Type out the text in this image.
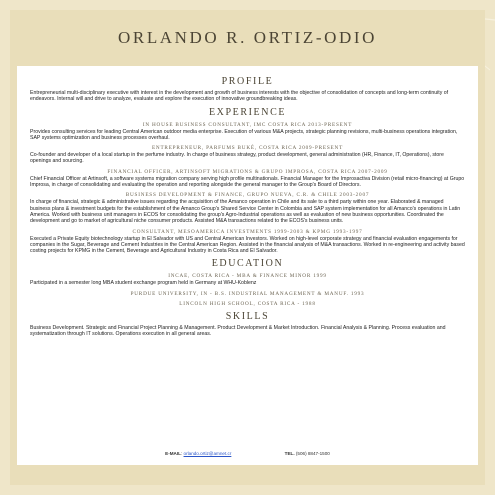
ORLANDO R. ORTIZ-ODIO
PROFILE

Entrepreneurial multi-disciplinary executive with interest in the development and growth of business interests with the objective of consolidation of concepts and long-term continuity of endeavors. Internal will and drive to analyze, evaluate and explore the execution of innovative groundbreaking ideas.

EXPERIENCE
IN HOUSE BUSINESS CONSULTANT, IMC COSTA RICA 2013-PRESENT

Provides consulting services for leading Central American outdoor media enterprise. Execution of various M&A projects, strategic planning revisions, multi-business operations integration, SAP systems optimization and business processes overhaul.

ENTREPRENEUR, PARFUMS BUKÉ, COSTA RICA 2009-PRESENT

Co-founder and developer of a local startup in the perfume industry. In charge of business strategy, product development, general administration (HR, Finance, IT, Operations), store openings and sourcing.

FINANCIAL OFFICER, ARTINSOFT MIGRATIONS & GRUPO IMPROSA, COSTA RICA 2007-2009

Chief Financial Officer at Artinsoft, a software systems migration company serving high profile multinationals. Financial Manager for the Improsactiva Division (retail micro-financing) at Grupo Improsa, in charge of consolidating and evaluating the operation and reporting alongside the general manager to the Group's Board of Directors.

BUSINESS DEVELOPMENT & FINANCE, GRUPO NUEVA, C.R. & CHILE 2003-2007

In charge of financial, strategic & administrative issues regarding the acquisition of the Amanco operation in Chile and its sale to a third party within one year. Elaborated & managed business plans & investment budgets for the establishment of the Amanco Group's Shared Service Center in Colombia and SAP system implementation for all Amanco's operations in Latin America. Worked with business unit managers in ECOS for consolidating the group's Agro-Industrial operations as well as evaluation of new business opportunities. Coordinated the development and go to market of agricultural niche consumer products. Assisted M&A transactions related to the ECOS's business units.

CONSULTANT, MESOAMERICA INVESTMENTS 1999-2003 & KPMG 1993-1997

Executed a Private Equity biotechnology startup in El Salvador with US and Central American Investors. Worked on high-level corporate strategy and financial evaluation engagements for companies in the Sugar, Beverage and Cement Industries in the Central American Region. Assisted in the financial analysis of M&A transactions. Worked in re-engineering and activity based costing projects for KPMG in the Cement, Beverage and Agricultural Industry in Costa Rica and El Salvador.

EDUCATION
INCAE, COSTA RICA - MBA & FINANCE MINOR 1999

Participated in a semester long MBA student exchange program held in Germany at WHU-Koblenz

PURDUE UNIVERSITY, IN - B.S. INDUSTRIAL MANAGEMENT & MANUF. 1993
LINCOLN HIGH SCHOOL, COSTA RICA - 1988
SKILLS

Business Development. Strategic and Financial Project Planning & Management. Product Development & Market Introduction. Financial Analysis & Planning. Process evaluation and systematization through IT solutions. Operations execution in all general areas.

E-MAIL: orlando.ortiz@amnet.cr	TEL. (506) 8847-1500
